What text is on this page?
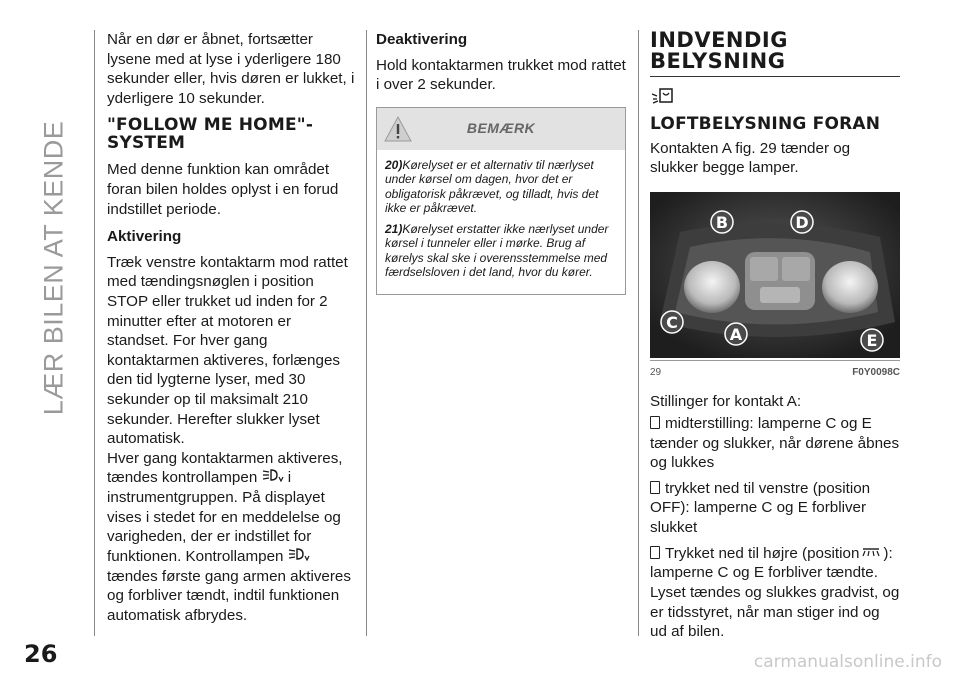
LÆR BILEN AT KENDE
26	carmanualsonline.info

Når en dør er åbnet, fortsætter lysene med at lyse i yderligere 180 sekunder eller, hvis døren er lukket, i yderligere 10 sekunder.

"FOLLOW ME HOME"-SYSTEM

Med denne funktion kan området foran bilen holdes oplyst i en forud indstillet periode.

Aktivering

Træk venstre kontaktarm mod rattet med tændingsnøglen i position STOP eller trukket ud inden for 2 minutter efter at motoren er standset. For hver gang kontaktarmen aktiveres, forlænges den tid lygterne lyser, med 30 sekunder op til maksimalt 210 sekunder. Herefter slukker lyset automatisk.

Hver gang kontaktarmen aktiveres, tændes kontrollampen i instrumentgruppen. På displayet vises i stedet for en meddelelse og varigheden, der er indstillet for funktionen. Kontrollampen  tændes første gang armen aktiveres og forbliver tændt, indtil funktionen automatisk afbrydes.

Deaktivering

Hold kontaktarmen trukket mod rattet i over 2 sekunder.

BEMÆRK

20)Kørelyset er et alternativ til nærlyset under kørsel om dagen, hvor det er obligatorisk påkrævet, og tilladt, hvis det ikke er påkrævet.

21)Kørelyset erstatter ikke nærlyset under kørsel i tunneler eller i mørke. Brug af kørelys skal ske i overensstemmelse med færdselsloven i det land, hvor du kører.

INDVENDIG BELYSNING
LOFTBELYSNING FORAN

Kontakten A fig. 29 tænder og slukker begge lamper.

B	D
C
A	E
29	F0Y0098C

Stillinger for kontakt A:

midterstilling: lamperne C og E tænder og slukker, når dørene åbnes og lukkes
trykket ned til venstre (position OFF): lamperne C og E forbliver slukket
Trykket ned til højre (position ): lamperne C og E forbliver tændte.

Lyset tændes og slukkes gradvist, og er tidsstyret, når man stiger ind og ud af bilen.
